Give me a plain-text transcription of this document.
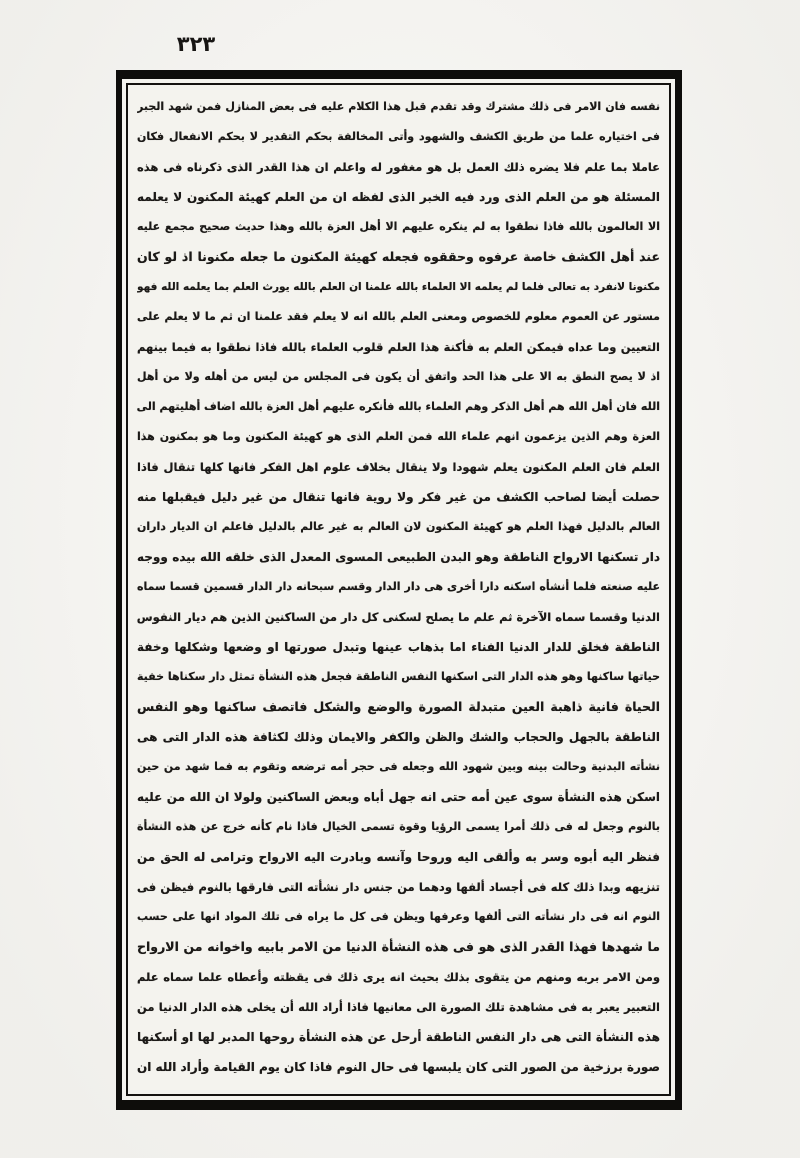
٣٢٣
نفسه فان الامر فى ذلك مشترك وقد تقدم قبل هذا الكلام عليه فى بعض المنازل فمن شهد الجبر
فى اختياره علما من طريق الكشف والشهود وأتى المخالفة بحكم التقدير لا بحكم الانفعال فكان
عاملا بما علم فلا يضره ذلك العمل بل هو مغفور له واعلم ان هذا القدر الذى ذكرناه فى هذه
المسئلة هو من العلم الذى ورد فيه الخبر الذى لفظه ان من العلم كهيئة المكنون لا يعلمه
الا العالمون بالله فاذا نطقوا به لم ينكره عليهم الا أهل العزة بالله وهذا حديث صحيح مجمع عليه
عند أهل الكشف خاصة عرفوه وحققوه فجعله كهيئة المكنون ما جعله مكنونا اذ لو كان
مكنونا لانفرد به تعالى فلما لم يعلمه الا العلماء بالله علمنا ان العلم بالله يورث العلم بما يعلمه الله فهو
مستور عن العموم معلوم للخصوص ومعنى العلم بالله انه لا يعلم فقد علمنا ان ثم ما لا يعلم على
التعيين وما عداه فيمكن العلم به فأكنة هذا العلم قلوب العلماء بالله فاذا نطقوا به فيما بينهم
اذ لا يصح النطق به الا على هذا الحد واتفق أن يكون فى المجلس من ليس من أهله ولا من أهل
الله فان أهل الله هم أهل الذكر وهم العلماء بالله فأنكره عليهم أهل العزة بالله اضاف أهليتهم الى
العزة وهم الذين يزعمون انهم علماء الله فمن العلم الذى هو كهيئة المكنون وما هو بمكنون هذا
العلم فان العلم المكنون يعلم شهودا ولا ينقال بخلاف علوم اهل الفكر فانها كلها تنقال فاذا
حصلت أيضا لصاحب الكشف من غير فكر ولا روية فانها تنقال من غير دليل فيقبلها منه
العالم بالدليل فهذا العلم هو كهيئة المكنون لان العالم به غير عالم بالدليل فاعلم ان الديار داران
دار تسكنها الارواح الناطقة وهو البدن الطبيعى المسوى المعدل الذى خلقه الله بيده ووجه
عليه صنعته فلما أنشأه اسكنه دارا أخرى هى دار الدار وقسم سبحانه دار الدار قسمين قسما سماه
الدنيا وقسما سماه الآخرة ثم علم ما يصلح لسكنى كل دار من الساكنين الذين هم ديار النفوس
الناطقة فخلق للدار الدنيا الفناء اما بذهاب عينها وتبدل صورتها او وضعها وشكلها وخفة
حياتها ساكنها وهو هذه الدار التى اسكنها النفس الناطقة فجعل هذه النشأة تمثل دار سكناها خفية
الحياة فانية ذاهبة العين متبدلة الصورة والوضع والشكل فاتصف ساكنها وهو النفس
الناطقة بالجهل والحجاب والشك والظن والكفر والايمان وذلك لكثافة هذه الدار التى هى
نشأته البدنية وحالت بينه وبين شهود الله وجعله فى حجر أمه ترضعه وتقوم به فما شهد من حين
اسكن هذه النشأة سوى عين أمه حتى انه جهل أباه وبعض الساكنين ولولا ان الله من عليه
بالنوم وجعل له فى ذلك أمرا يسمى الرؤيا وقوة تسمى الخيال فاذا نام كأنه خرج عن هذه النشأة
فنظر اليه أبوه وسر به وألقى اليه وروحا وآنسه وبادرت اليه الارواح وترامى له الحق من
تنزيهه وبدا ذلك كله فى أجساد ألفها ودهما من جنس دار نشأته التى فارقها بالنوم فيظن فى
النوم انه فى دار نشأته التى ألفها وعرفها ويظن فى كل ما يراه فى تلك المواد انها على حسب
ما شهدها فهذا القدر الذى هو فى هذه النشأة الدنيا من الامر بابيه واخوانه من الارواح
ومن الامر بربه ومنهم من يتقوى بذلك بحيث انه يرى ذلك فى يقظته وأعطاه علما سماه علم
التعبير يعبر به فى مشاهدة تلك الصورة الى معانيها فاذا أراد الله أن يخلى هذه الدار الدنيا من
هذه النشأة التى هى دار النفس الناطقة أرحل عن هذه النشأة روحها المدبر لها او أسكنها
صورة برزخية من الصور التى كان يلبسها فى حال النوم فاذا كان يوم القيامة وأراد الله ان
